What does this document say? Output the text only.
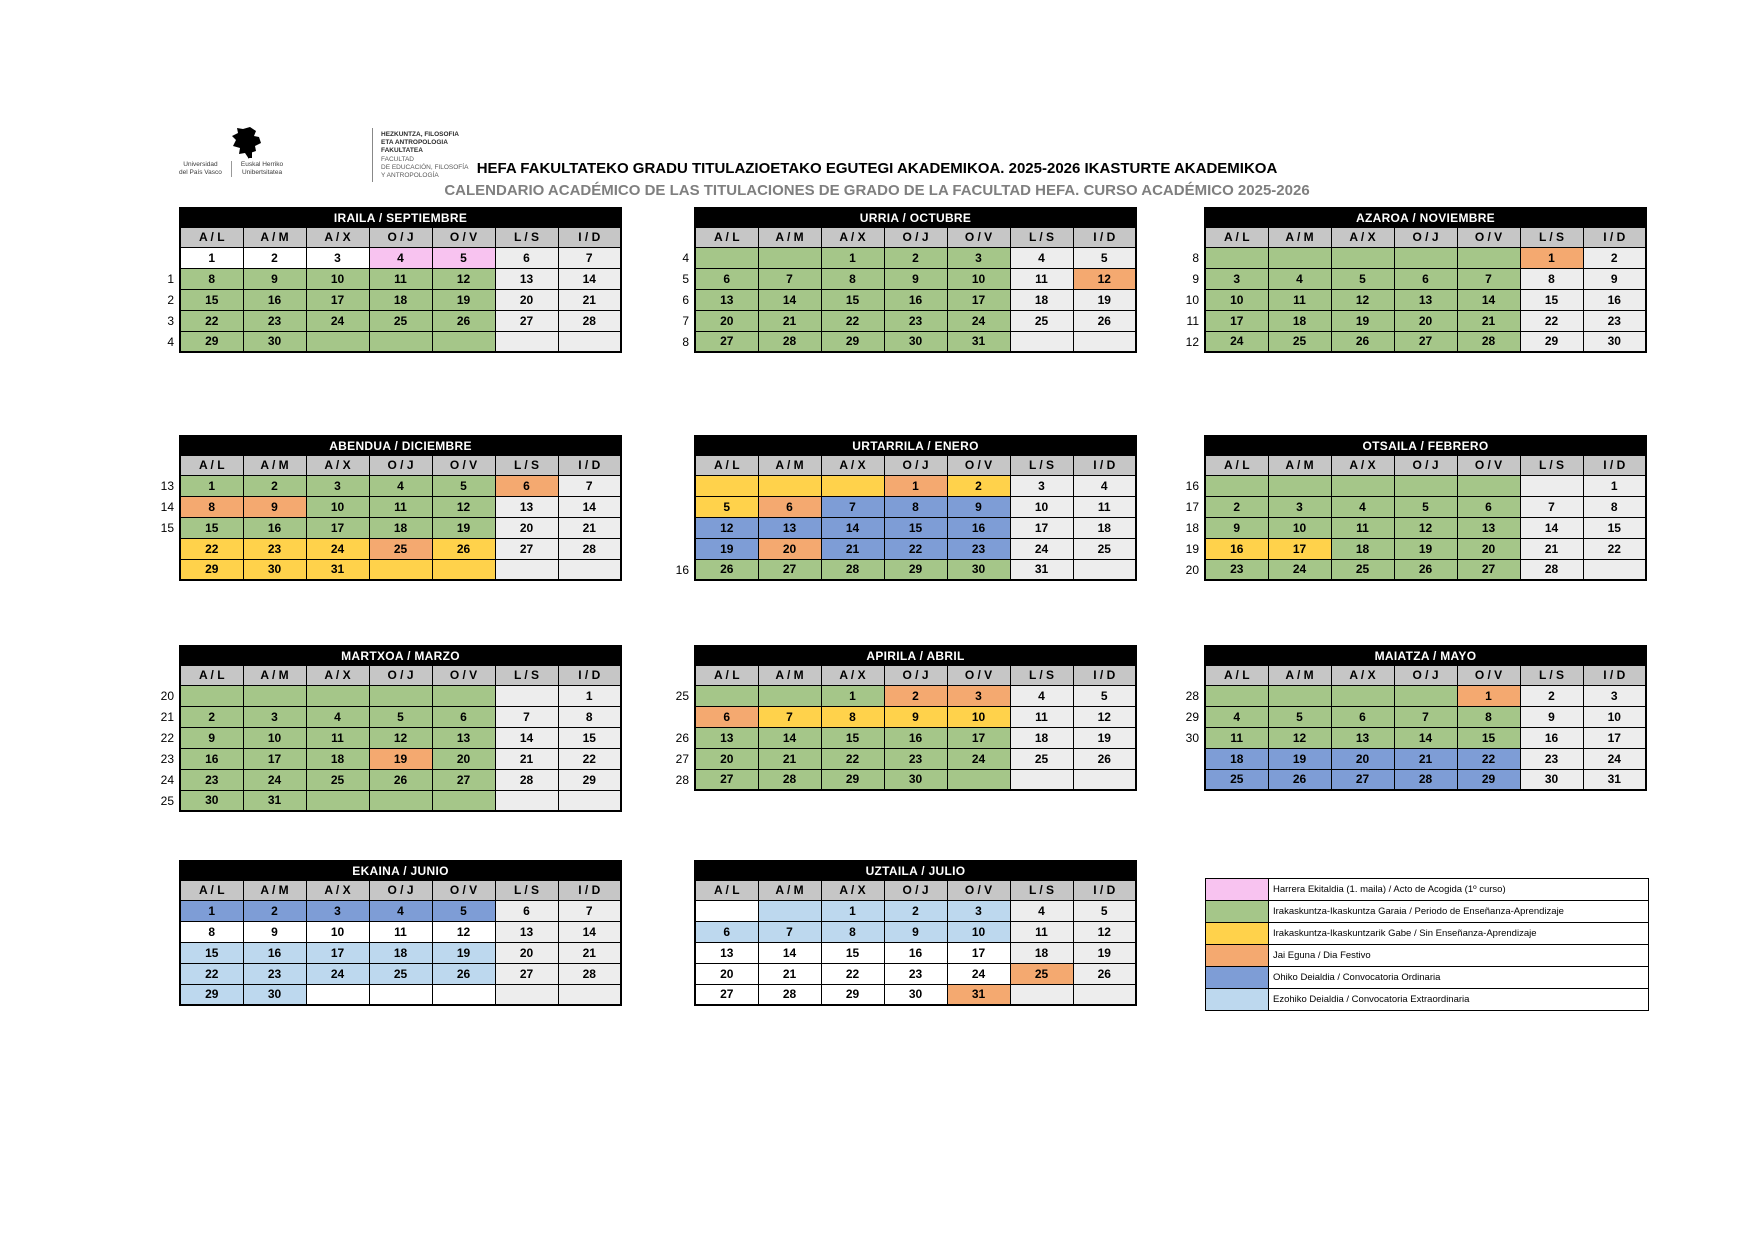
Universidad
del País Vasco
Euskal Herriko
Unibertsitatea
HEZKUNTZA, FILOSOFIA
ETA ANTROPOLOGIA
FAKULTATEA
FACULTAD
DE EDUCACIÓN, FILOSOFÍA
Y ANTROPOLOGÍA	HEFA FAKULTATEKO GRADU TITULAZIOETAKO EGUTEGI AKADEMIKOA. 2025-2026 IKASTURTE AKADEMIKOA
CALENDARIO ACADÉMICO DE LAS TITULACIONES DE GRADO DE LA FACULTAD HEFA. CURSO ACADÉMICO 2025-2026
	IRAILA / SEPTIEMBRE						
	A / L	A / M	A / X	O / J	O / V	L / S	I / D
	1	2	3	4	5	6	7
1	8	9	10	11	12	13	14
2	15	16	17	18	19	20	21
3	22	23	24	25	26	27	28
4	29	30					
	URRIA / OCTUBRE						
	A / L	A / M	A / X	O / J	O / V	L / S	I / D
4			1	2	3	4	5
5	6	7	8	9	10	11	12
6	13	14	15	16	17	18	19
7	20	21	22	23	24	25	26
8	27	28	29	30	31		
	AZAROA / NOVIEMBRE						
	A / L	A / M	A / X	O / J	O / V	L / S	I / D
8						1	2
9	3	4	5	6	7	8	9
10	10	11	12	13	14	15	16
11	17	18	19	20	21	22	23
12	24	25	26	27	28	29	30
	ABENDUA / DICIEMBRE						
	A / L	A / M	A / X	O / J	O / V	L / S	I / D
13	1	2	3	4	5	6	7
14	8	9	10	11	12	13	14
15	15	16	17	18	19	20	21
	22	23	24	25	26	27	28
	29	30	31				
	URTARRILA / ENERO						
	A / L	A / M	A / X	O / J	O / V	L / S	I / D
				1	2	3	4
	5	6	7	8	9	10	11
	12	13	14	15	16	17	18
	19	20	21	22	23	24	25
16	26	27	28	29	30	31	
	OTSAILA / FEBRERO						
	A / L	A / M	A / X	O / J	O / V	L / S	I / D
16							1
17	2	3	4	5	6	7	8
18	9	10	11	12	13	14	15
19	16	17	18	19	20	21	22
20	23	24	25	26	27	28	
	MARTXOA / MARZO						
	A / L	A / M	A / X	O / J	O / V	L / S	I / D
20							1
21	2	3	4	5	6	7	8
22	9	10	11	12	13	14	15
23	16	17	18	19	20	21	22
24	23	24	25	26	27	28	29
25	30	31					
	APIRILA / ABRIL						
	A / L	A / M	A / X	O / J	O / V	L / S	I / D
25			1	2	3	4	5
	6	7	8	9	10	11	12
26	13	14	15	16	17	18	19
27	20	21	22	23	24	25	26
28	27	28	29	30			
	MAIATZA / MAYO						
	A / L	A / M	A / X	O / J	O / V	L / S	I / D
28					1	2	3
29	4	5	6	7	8	9	10
30	11	12	13	14	15	16	17
	18	19	20	21	22	23	24
	25	26	27	28	29	30	31
	EKAINA / JUNIO						
	A / L	A / M	A / X	O / J	O / V	L / S	I / D
	1	2	3	4	5	6	7
	8	9	10	11	12	13	14
	15	16	17	18	19	20	21
	22	23	24	25	26	27	28
	29	30					
	UZTAILA / JULIO						
	A / L	A / M	A / X	O / J	O / V	L / S	I / D
			1	2	3	4	5
	6	7	8	9	10	11	12
	13	14	15	16	17	18	19
	20	21	22	23	24	25	26
	27	28	29	30	31		
	Harrera Ekitaldia (1. maila) / Acto de Acogida (1º curso)
	Irakaskuntza-Ikaskuntza Garaia / Periodo de Enseñanza-Aprendizaje
	Irakaskuntza-Ikaskuntzarik Gabe / Sin Enseñanza-Aprendizaje
	Jai Eguna / Dia Festivo
	Ohiko Deialdia / Convocatoria Ordinaria
	Ezohiko Deialdia / Convocatoria Extraordinaria
